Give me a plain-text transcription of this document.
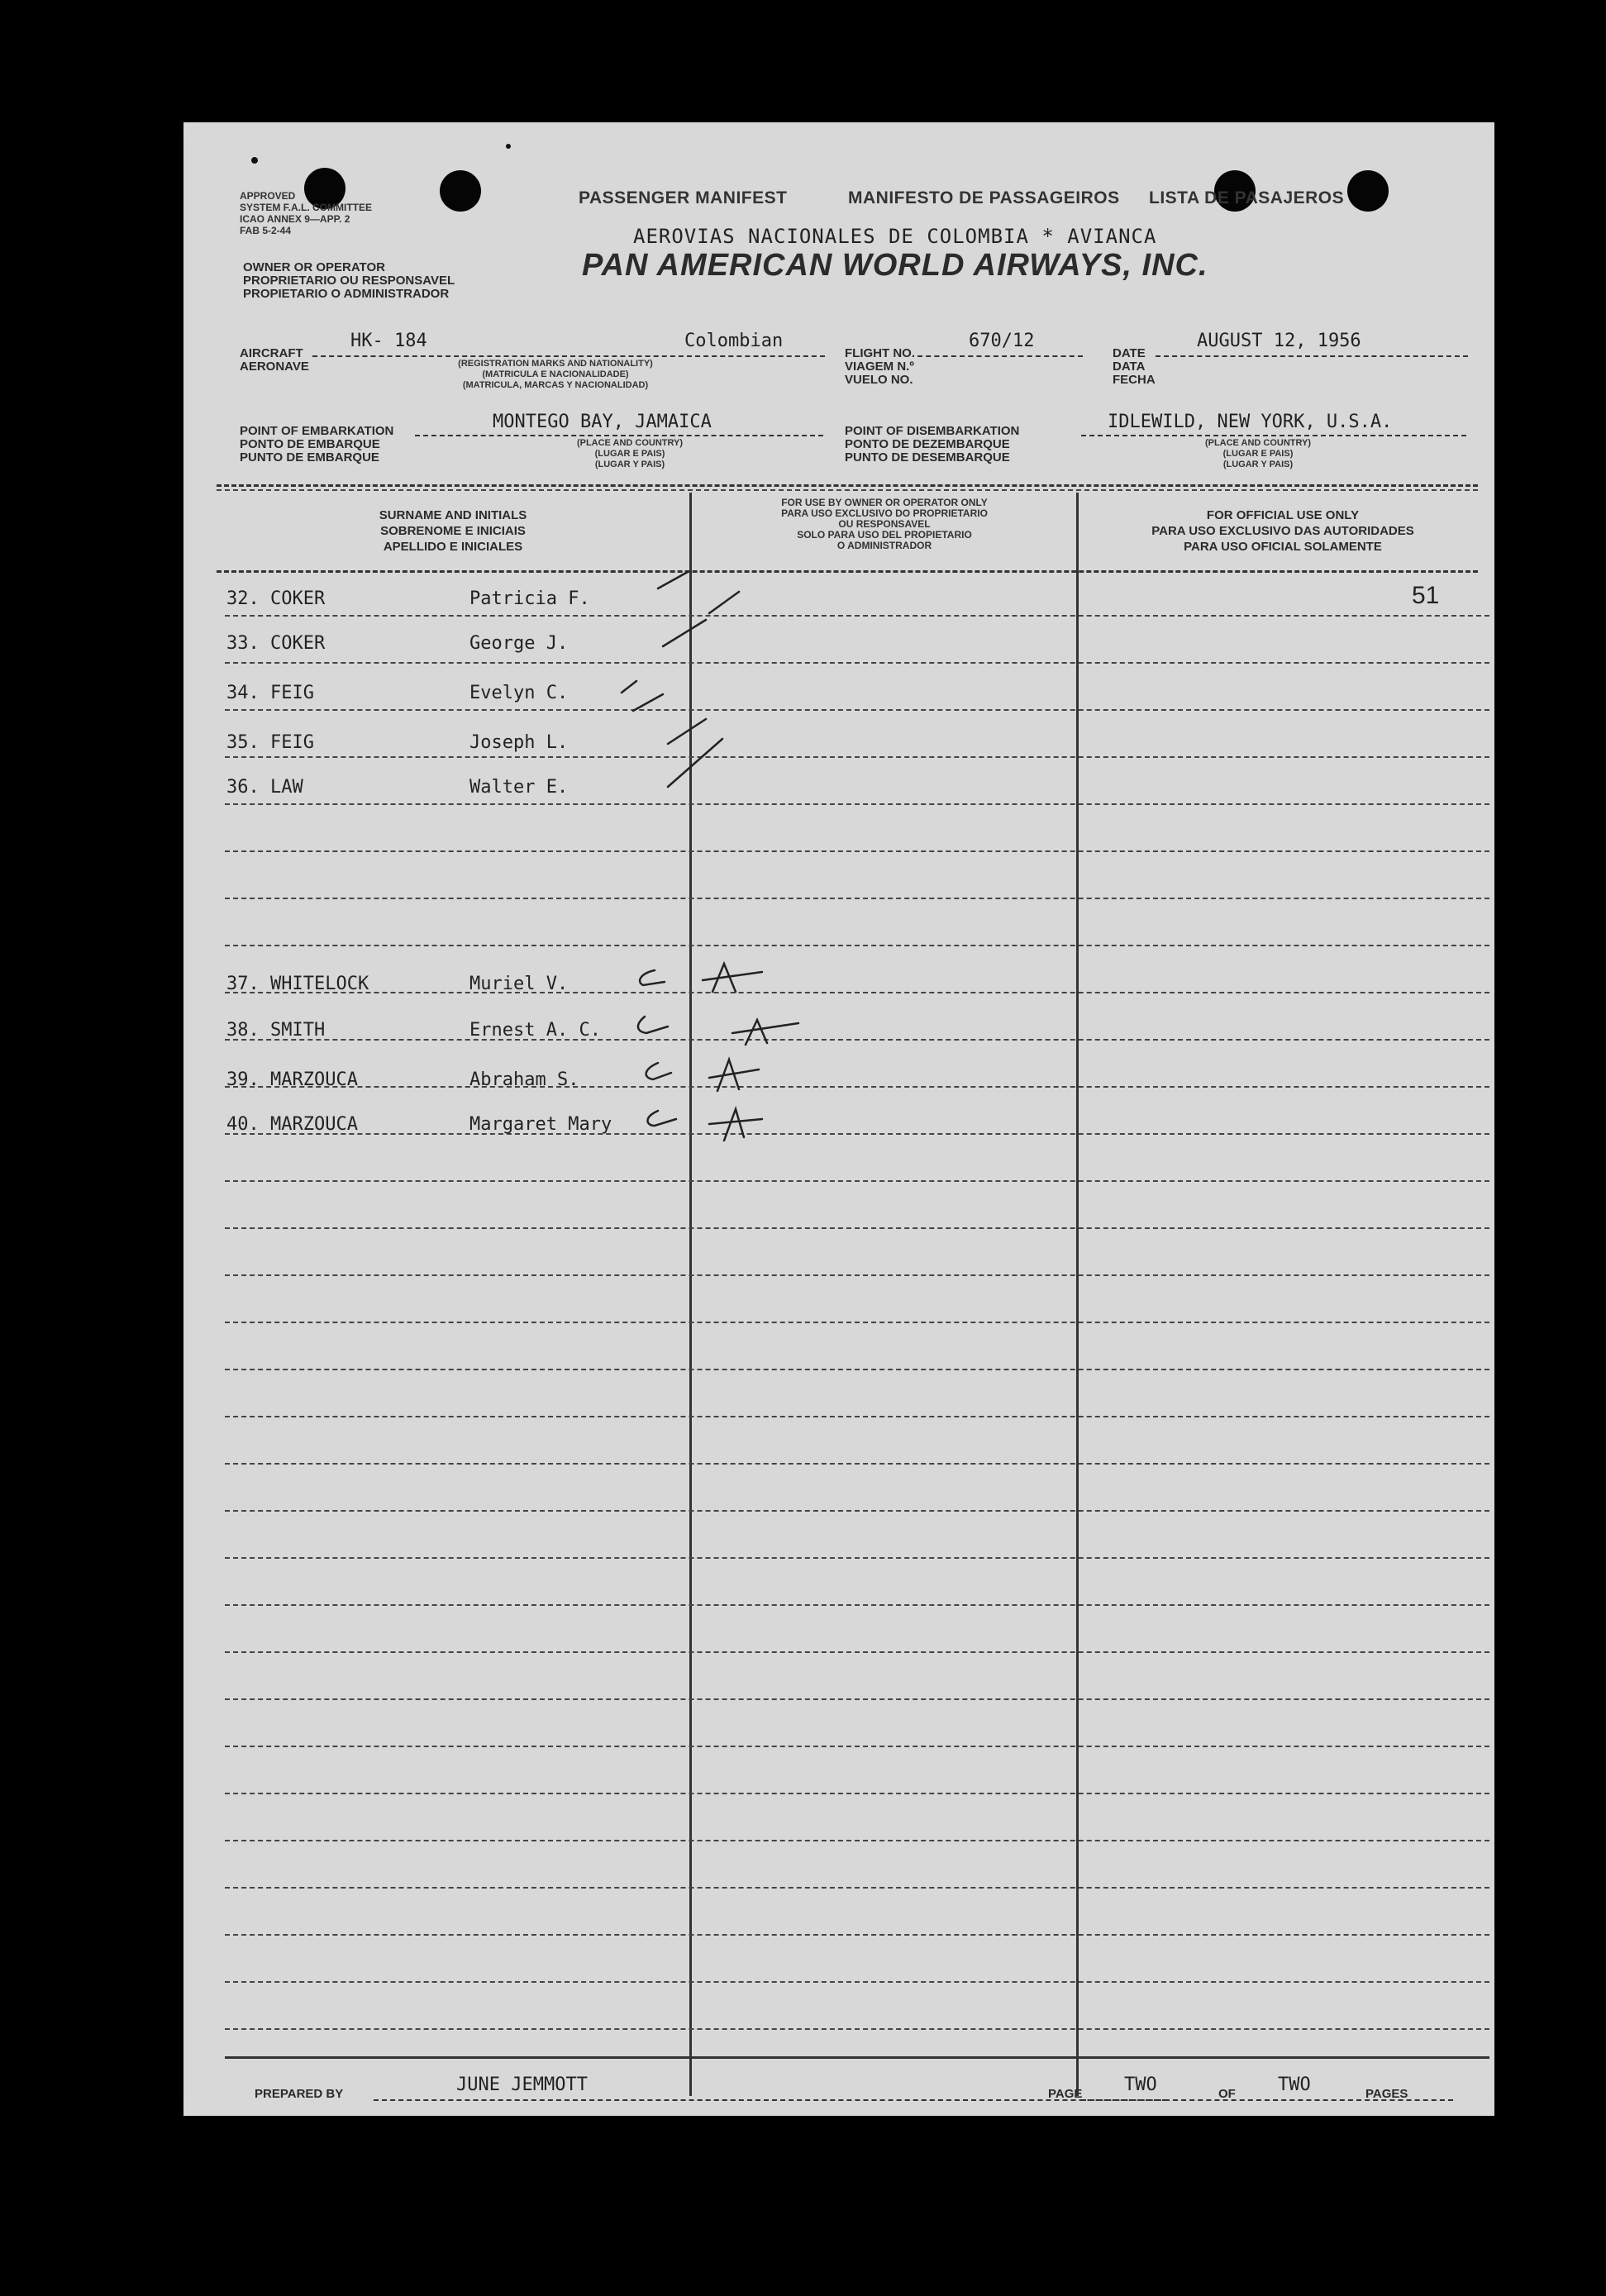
APPROVED
SYSTEM F.A.L. COMMITTEE
ICAO ANNEX 9—APP. 2
FAB 5-2-44
OWNER OR OPERATOR
PROPRIETARIO OU RESPONSAVEL
PROPIETARIO O ADMINISTRADOR
PASSENGER MANIFEST	MANIFESTO DE PASSAGEIROS LISTA DE PASAJEROS
AEROVIAS NACIONALES DE COLOMBIA * AVIANCA
PAN AMERICAN WORLD AIRWAYS, INC.
AIRCRAFT
AERONAVE
HK- 184	Colombian
(REGISTRATION MARKS AND NATIONALITY)
(MATRICULA E NACIONALIDADE)
(MATRICULA, MARCAS Y NACIONALIDAD)
FLIGHT NO.
VIAGEM N.º
VUELO NO.
670/12
DATE
DATA
FECHA
AUGUST 12, 1956
POINT OF EMBARKATION
PONTO DE EMBARQUE
PUNTO DE EMBARQUE
MONTEGO BAY, JAMAICA
(PLACE AND COUNTRY)
(LUGAR E PAIS)
(LUGAR Y PAIS)
POINT OF DISEMBARKATION
PONTO DE DEZEMBARQUE
PUNTO DE DESEMBARQUE
IDLEWILD, NEW YORK, U.S.A.
(PLACE AND COUNTRY)
(LUGAR E PAIS)
(LUGAR Y PAIS)
SURNAME AND INITIALS
SOBRENOME E INICIAIS
APELLIDO E INICIALES
FOR USE BY OWNER OR OPERATOR ONLY
PARA USO EXCLUSIVO DO PROPRIETARIO
OU RESPONSAVEL
SOLO PARA USO DEL PROPIETARIO
O ADMINISTRADOR
FOR OFFICIAL USE ONLY
PARA USO EXCLUSIVO DAS AUTORIDADES
PARA USO OFICIAL SOLAMENTE
51
32. COKER	Patricia F.
33. COKER	George J.
34. FEIG	Evelyn C.
35. FEIG	Joseph L.
36. LAW	Walter E.
37. WHITELOCK	Muriel V.
38. SMITH	Ernest A. C.
39. MARZOUCA	Abraham S.
40. MARZOUCA	Margaret Mary
PREPARED BY	JUNE JEMMOTT	PAGE TWO	OF TWO	PAGES
